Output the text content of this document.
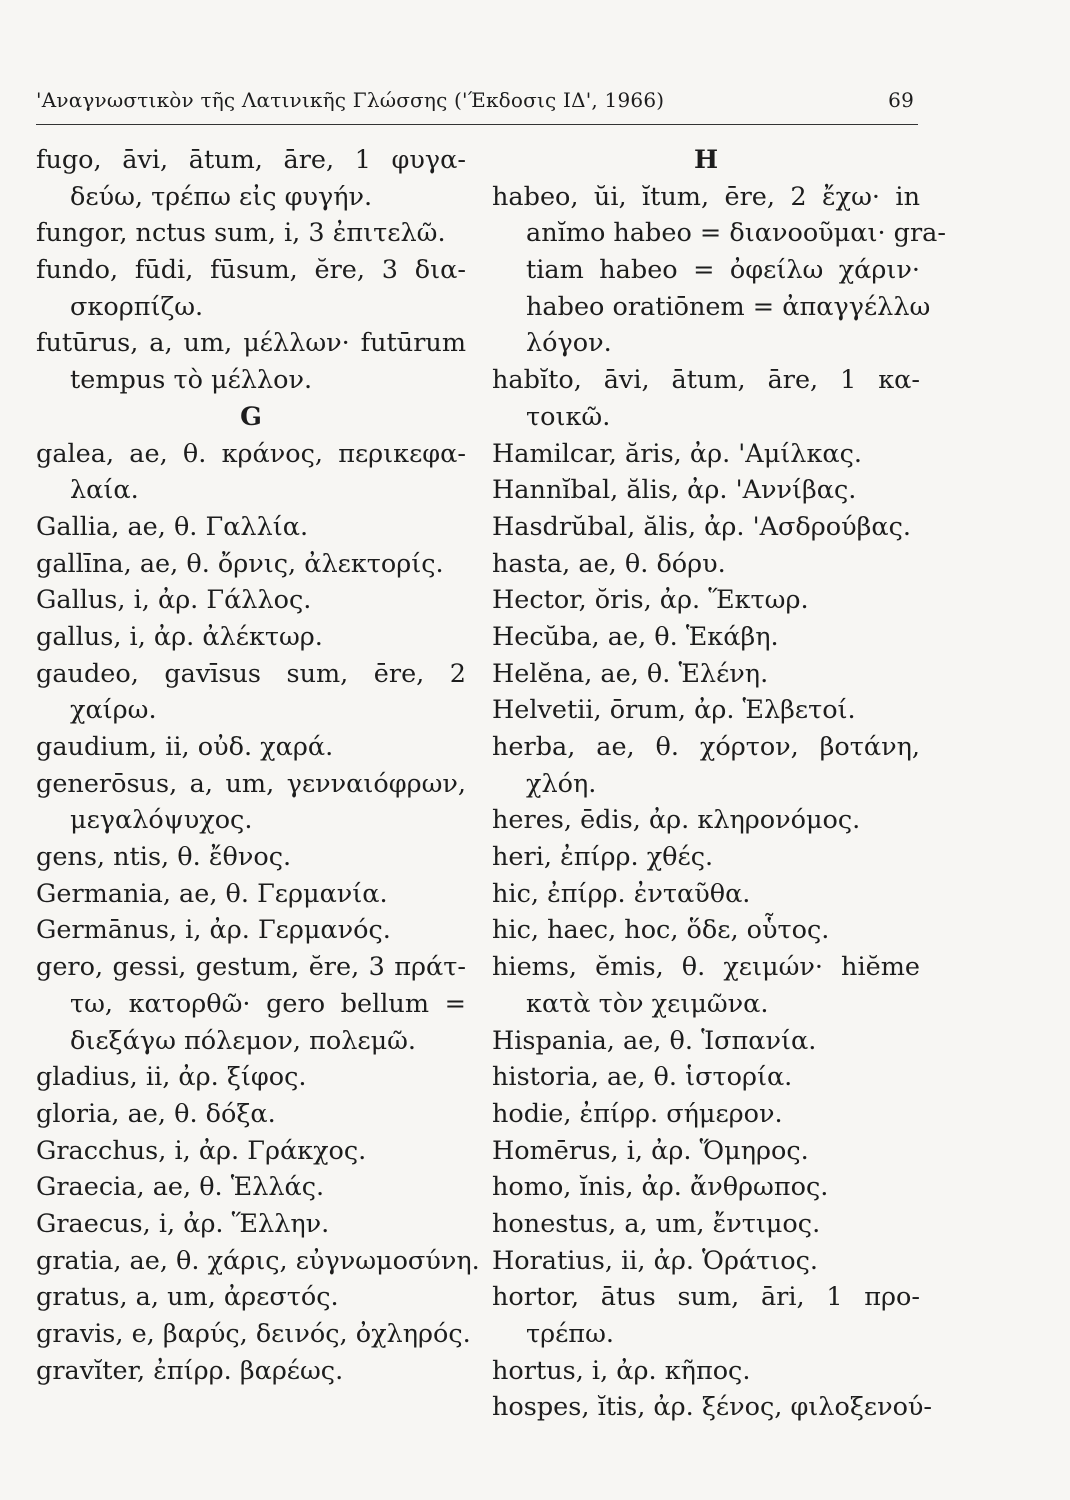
'Αναγνωστικὸν τῆς Λατινικῆς Γλώσσης ('Έκδοσις ΙΔ', 1966)	69
fugo, āvi, ātum, āre, 1 φυγα-
δεύω, τρέπω εἰς φυγήν.
fungor, nctus sum, i, 3 ἐπιτελῶ.
fundo, fūdi, fūsum, ĕre, 3 δια-
σκορπίζω.
futūrus, a, um, μέλλων· futūrum
tempus τὸ μέλλον.
G
galea, ae, θ. κράνος, περικεφα-
λαία.
Gallia, ae, θ. Γαλλία.
gallīna, ae, θ. ὄρνις, ἀλεκτορίς.
Gallus, i, ἀρ. Γάλλος.
gallus, i, ἀρ. ἀλέκτωρ.
gaudeo, gavīsus sum, ēre, 2
χαίρω.
gaudium, ii, οὐδ. χαρά.
generōsus, a, um, γενναιόφρων,
μεγαλόψυχος.
gens, ntis, θ. ἔθνος.
Germania, ae, θ. Γερμανία.
Germānus, i, ἀρ. Γερμανός.
gero, gessi, gestum, ĕre, 3 πράτ-
τω, κατορθῶ· gero bellum =
διεξάγω πόλεμον, πολεμῶ.
gladius, ii, ἀρ. ξίφος.
gloria, ae, θ. δόξα.
Gracchus, i, ἀρ. Γράκχος.
Graecia, ae, θ. Ἑλλάς.
Graecus, i, ἀρ. Ἕλλην.
gratia, ae, θ. χάρις, εὐγνωμοσύνη.
gratus, a, um, ἀρεστός.
gravis, e, βαρύς, δεινός, ὀχληρός.
gravĭter, ἐπίρρ. βαρέως.
H
habeo, ŭi, ĭtum, ēre, 2 ἔχω· in
anĭmo habeo = διανοοῦμαι· gra-
tiam habeo = ὀφείλω χάριν·
habeo oratiōnem = ἀπαγγέλλω
λόγον.
habĭto, āvi, ātum, āre, 1 κα-
τοικῶ.
Hamilcar, ăris, ἀρ. 'Αμίλκας.
Hannĭbal, ălis, ἀρ. 'Αννίβας.
Hasdrŭbal, ălis, ἀρ. 'Ασδρούβας.
hasta, ae, θ. δόρυ.
Hector, ŏris, ἀρ. Ἕκτωρ.
Hecŭba, ae, θ. Ἑκάβη.
Helĕna, ae, θ. Ἑλένη.
Helvetii, ōrum, ἀρ. Ἑλβετοί.
herba, ae, θ. χόρτον, βοτάνη,
χλόη.
heres, ēdis, ἀρ. κληρονόμος.
heri, ἐπίρρ. χθές.
hic, ἐπίρρ. ἐνταῦθα.
hic, haec, hoc, ὅδε, οὗτος.
hiems, ĕmis, θ. χειμών· hiĕme
κατὰ τὸν χειμῶνα.
Hispania, ae, θ. Ἱσπανία.
historia, ae, θ. ἱστορία.
hodie, ἐπίρρ. σήμερον.
Homērus, i, ἀρ. Ὅμηρος.
homo, ĭnis, ἀρ. ἄνθρωπος.
honestus, a, um, ἔντιμος.
Horatius, ii, ἀρ. Ὁράτιος.
hortor, ātus sum, āri, 1 προ-
τρέπω.
hortus, i, ἀρ. κῆπος.
hospes, ĭtis, ἀρ. ξένος, φιλοξενού-
